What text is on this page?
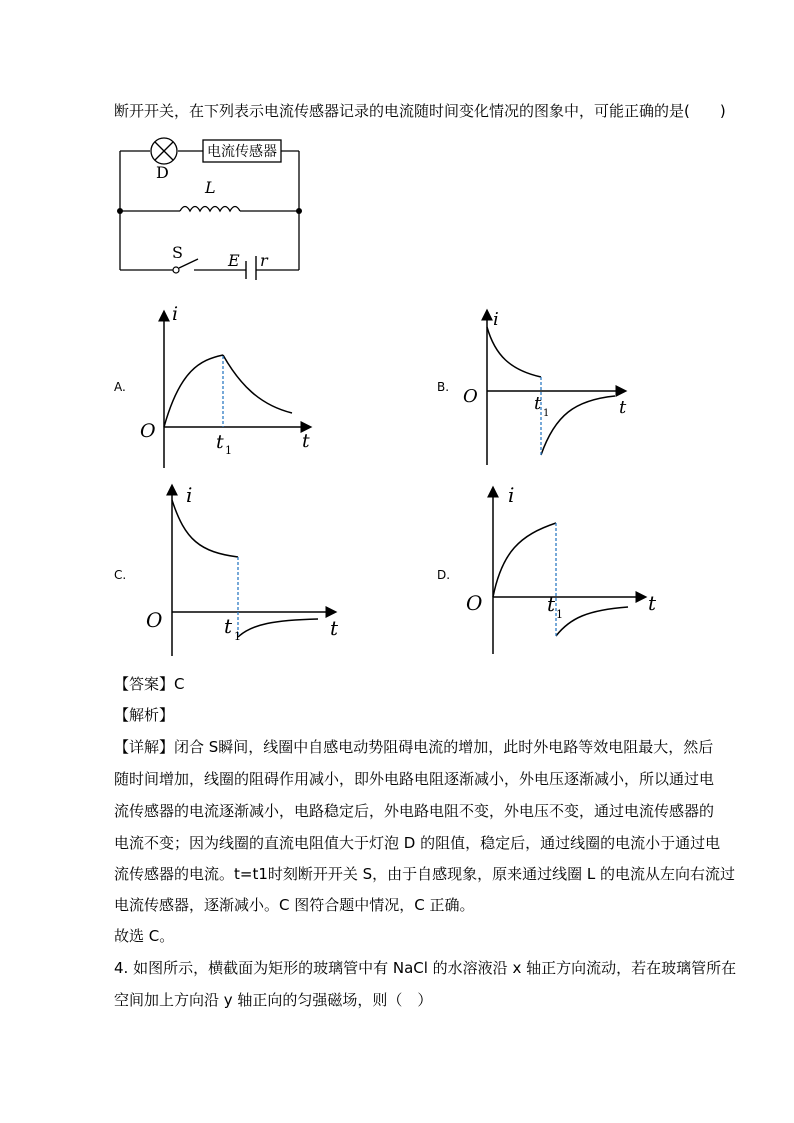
断开开关，在下列表示电流传感器记录的电流随时间变化情况的图象中，可能正确的是(　　)
电流传感器
D
L
S	E r
A.
i
O	t
t 1
B.
i
O
t
t 1
C.
i
O	t
t 1
D.
i
O	t
t 1
【答案】C
【解析】
【详解】闭合 S瞬间，线圈中自感电动势阻碍电流的增加，此时外电路等效电阻最大，然后
随时间增加，线圈的阻碍作用减小，即外电路电阻逐渐减小，外电压逐渐减小，所以通过电
流传感器的电流逐渐减小，电路稳定后，外电路电阻不变，外电压不变，通过电流传感器的
电流不变；因为线圈的直流电阻值大于灯泡 D 的阻值，稳定后，通过线圈的电流小于通过电
流传感器的电流。t=t1时刻断开开关 S，由于自感现象，原来通过线圈 L 的电流从左向右流过
电流传感器，逐渐减小。C 图符合题中情况，C 正确。
故选 C。
4. 如图所示，横截面为矩形的玻璃管中有 NaCl 的水溶液沿 x 轴正方向流动，若在玻璃管所在
空间加上方向沿 y 轴正向的匀强磁场，则（　）
